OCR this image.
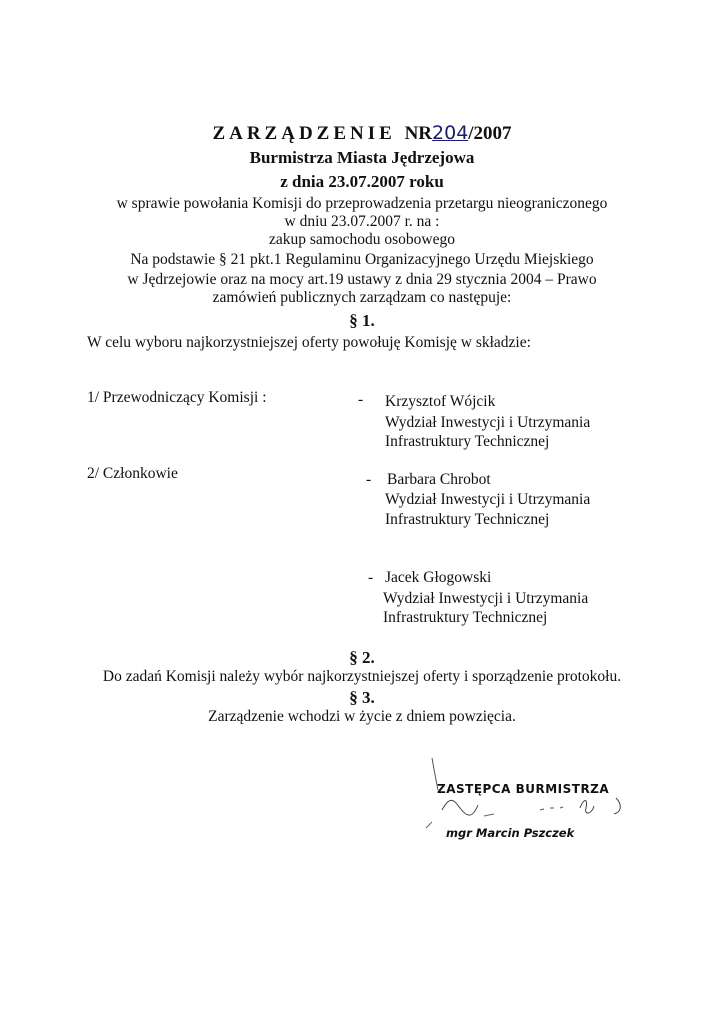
ZARZĄDZENIE NR204/2007
Burmistrza Miasta Jędrzejowa
z dnia 23.07.2007 roku
w sprawie powołania Komisji do przeprowadzenia przetargu nieograniczonego
w dniu 23.07.2007 r. na :
zakup samochodu osobowego
Na podstawie § 21 pkt.1 Regulaminu Organizacyjnego Urzędu Miejskiego
w Jędrzejowie oraz na mocy art.19 ustawy z dnia 29 stycznia 2004 – Prawo
zamówień publicznych zarządzam co następuje:
§ 1.
W celu wyboru najkorzystniejszej oferty powołuję Komisję w składzie:
1/ Przewodniczący Komisji :	- Krzysztof Wójcik
Wydział Inwestycji i Utrzymania
Infrastruktury Technicznej
2/ Członkowie	- Barbara Chrobot
Wydział Inwestycji i Utrzymania
Infrastruktury Technicznej
- Jacek Głogowski
Wydział Inwestycji i Utrzymania
Infrastruktury Technicznej
§ 2.
Do zadań Komisji należy wybór najkorzystniejszej oferty i sporządzenie protokołu.
§ 3.
Zarządzenie wchodzi w życie z dniem powzięcia.
ZASTĘPCA BURMISTRZA
mgr Marcin Pszczek
